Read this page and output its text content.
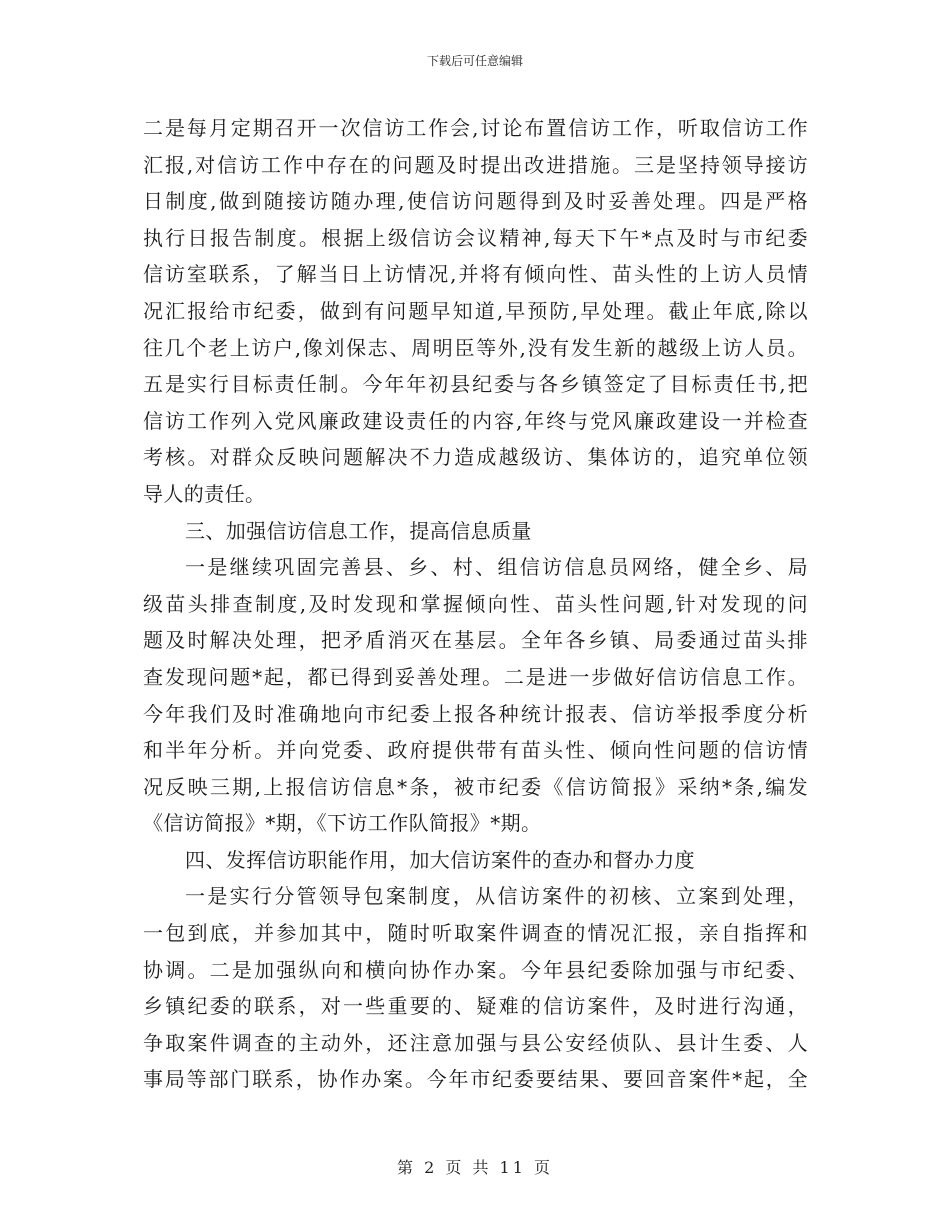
下载后可任意编辑
二是每月定期召开一次信访工作会,讨论布置信访工作，听取信访工作
汇报,对信访工作中存在的问题及时提出改进措施。三是坚持领导接访
日制度,做到随接访随办理,使信访问题得到及时妥善处理。四是严格
执行日报告制度。根据上级信访会议精神,每天下午*点及时与市纪委
信访室联系，了解当日上访情况,并将有倾向性、苗头性的上访人员情
况汇报给市纪委，做到有问题早知道,早预防,早处理。截止年底,除以
往几个老上访户,像刘保志、周明臣等外,没有发生新的越级上访人员。
五是实行目标责任制。今年年初县纪委与各乡镇签定了目标责任书,把
信访工作列入党风廉政建设责任的内容,年终与党风廉政建设一并检查
考核。对群众反映问题解决不力造成越级访、集体访的，追究单位领
导人的责任。
三、加强信访信息工作，提高信息质量
一是继续巩固完善县、乡、村、组信访信息员网络，健全乡、局
级苗头排查制度,及时发现和掌握倾向性、苗头性问题,针对发现的问
题及时解决处理，把矛盾消灭在基层。全年各乡镇、局委通过苗头排
查发现问题*起，都已得到妥善处理。二是进一步做好信访信息工作。
今年我们及时准确地向市纪委上报各种统计报表、信访举报季度分析
和半年分析。并向党委、政府提供带有苗头性、倾向性问题的信访情
况反映三期,上报信访信息*条，被市纪委《信访简报》采纳*条,编发
《信访简报》*期，《下访工作队简报》*期。
四、发挥信访职能作用，加大信访案件的查办和督办力度
一是实行分管领导包案制度，从信访案件的初核、立案到处理，
一包到底，并参加其中，随时听取案件调查的情况汇报，亲自指挥和
协调。二是加强纵向和横向协作办案。今年县纪委除加强与市纪委、
乡镇纪委的联系，对一些重要的、疑难的信访案件，及时进行沟通，
争取案件调查的主动外，还注意加强与县公安经侦队、县计生委、人
事局等部门联系，协作办案。今年市纪委要结果、要回音案件*起，全
第 2 页 共 11 页
